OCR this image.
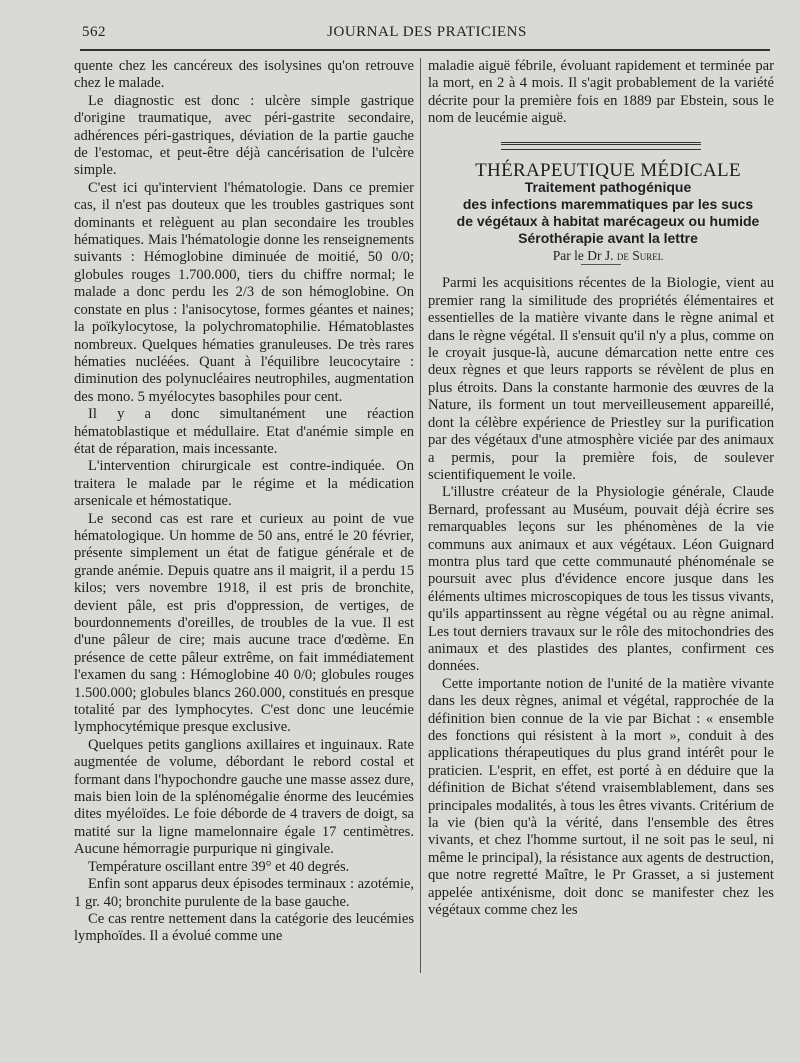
562	JOURNAL DES PRATICIENS

quente chez les cancéreux des isolysines qu'on retrouve chez le malade.

Le diagnostic est donc : ulcère simple gastrique d'origine traumatique, avec péri-gastrite secondaire, adhérences péri-gastriques, déviation de la partie gauche de l'estomac, et peut-être déjà cancérisation de l'ulcère simple.

C'est ici qu'intervient l'hématologie. Dans ce premier cas, il n'est pas douteux que les troubles gastriques sont dominants et relèguent au plan secondaire les troubles hématiques. Mais l'hématologie donne les renseignements suivants : Hémoglobine diminuée de moitié, 50 0/0; globules rouges 1.700.000, tiers du chiffre normal; le malade a donc perdu les 2/3 de son hémoglobine. On constate en plus : l'anisocytose, formes géantes et naines; la poïkylocytose, la polychromatophilie. Hématoblastes nombreux. Quelques hématies granuleuses. De très rares hématies nucléées. Quant à l'équilibre leucocytaire : diminution des polynucléaires neutrophiles, augmentation des mono. 5 myélocytes basophiles pour cent.

Il y a donc simultanément une réaction hématoblastique et médullaire. Etat d'anémie simple en état de réparation, mais incessante.

L'intervention chirurgicale est contre-indiquée. On traitera le malade par le régime et la médication arsenicale et hémostatique.

Le second cas est rare et curieux au point de vue hématologique. Un homme de 50 ans, entré le 20 février, présente simplement un état de fatigue générale et de grande anémie. Depuis quatre ans il maigrit, il a perdu 15 kilos; vers novembre 1918, il est pris de bronchite, devient pâle, est pris d'oppression, de vertiges, de bourdonnements d'oreilles, de troubles de la vue. Il est d'une pâleur de cire; mais aucune trace d'œdème. En présence de cette pâleur extrême, on fait immédiatement l'examen du sang : Hémoglobine 40 0/0; globules rouges 1.500.000; globules blancs 260.000, constitués en presque totalité par des lymphocytes. C'est donc une leucémie lymphocytémique presque exclusive.

Quelques petits ganglions axillaires et inguinaux. Rate augmentée de volume, débordant le rebord costal et formant dans l'hypochondre gauche une masse assez dure, mais bien loin de la splénomégalie énorme des leucémies dites myéloïdes. Le foie déborde de 4 travers de doigt, sa matité sur la ligne mamelonnaire égale 17 centimètres. Aucune hémorragie purpurique ni gingivale.

Température oscillant entre 39° et 40 degrés.

Enfin sont apparus deux épisodes terminaux : azotémie, 1 gr. 40; bronchite purulente de la base gauche.

Ce cas rentre nettement dans la catégorie des leucémies lymphoïdes. Il a évolué comme une

maladie aiguë fébrile, évoluant rapidement et terminée par la mort, en 2 à 4 mois. Il s'agit probablement de la variété décrite pour la première fois en 1889 par Ebstein, sous le nom de leucémie aiguë.

THÉRAPEUTIQUE MÉDICALE

Traitement pathogénique

des infections maremmatiques par les sucs

de végétaux à habitat marécageux ou humide

Sérothérapie avant la lettre

Par le Dr J. de Surel

Parmi les acquisitions récentes de la Biologie, vient au premier rang la similitude des propriétés élémentaires et essentielles de la matière vivante dans le règne animal et dans le règne végétal. Il s'ensuit qu'il n'y a plus, comme on le croyait jusque-là, aucune démarcation nette entre ces deux règnes et que leurs rapports se révèlent de plus en plus étroits. Dans la constante harmonie des œuvres de la Nature, ils forment un tout merveilleusement appareillé, dont la célèbre expérience de Priestley sur la purification par des végétaux d'une atmosphère viciée par des animaux a permis, pour la première fois, de soulever scientifiquement le voile.

L'illustre créateur de la Physiologie générale, Claude Bernard, professant au Muséum, pouvait déjà écrire ses remarquables leçons sur les phénomènes de la vie communs aux animaux et aux végétaux. Léon Guignard montra plus tard que cette communauté phénoménale se poursuit avec plus d'évidence encore jusque dans les éléments ultimes microscopiques de tous les tissus vivants, qu'ils appartinssent au règne végétal ou au règne animal. Les tout derniers travaux sur le rôle des mitochondries des animaux et des plastides des plantes, confirment ces données.

Cette importante notion de l'unité de la matière vivante dans les deux règnes, animal et végétal, rapprochée de la définition bien connue de la vie par Bichat : « ensemble des fonctions qui résistent à la mort », conduit à des applications thérapeutiques du plus grand intérêt pour le praticien. L'esprit, en effet, est porté à en déduire que la définition de Bichat s'étend vraisemblablement, dans ses principales modalités, à tous les êtres vivants. Critérium de la vie (bien qu'à la vérité, dans l'ensemble des êtres vivants, et chez l'homme surtout, il ne soit pas le seul, ni même le principal), la résistance aux agents de destruction, que notre regretté Maître, le Pr Grasset, a si justement appelée antixénisme, doit donc se manifester chez les végétaux comme chez les
